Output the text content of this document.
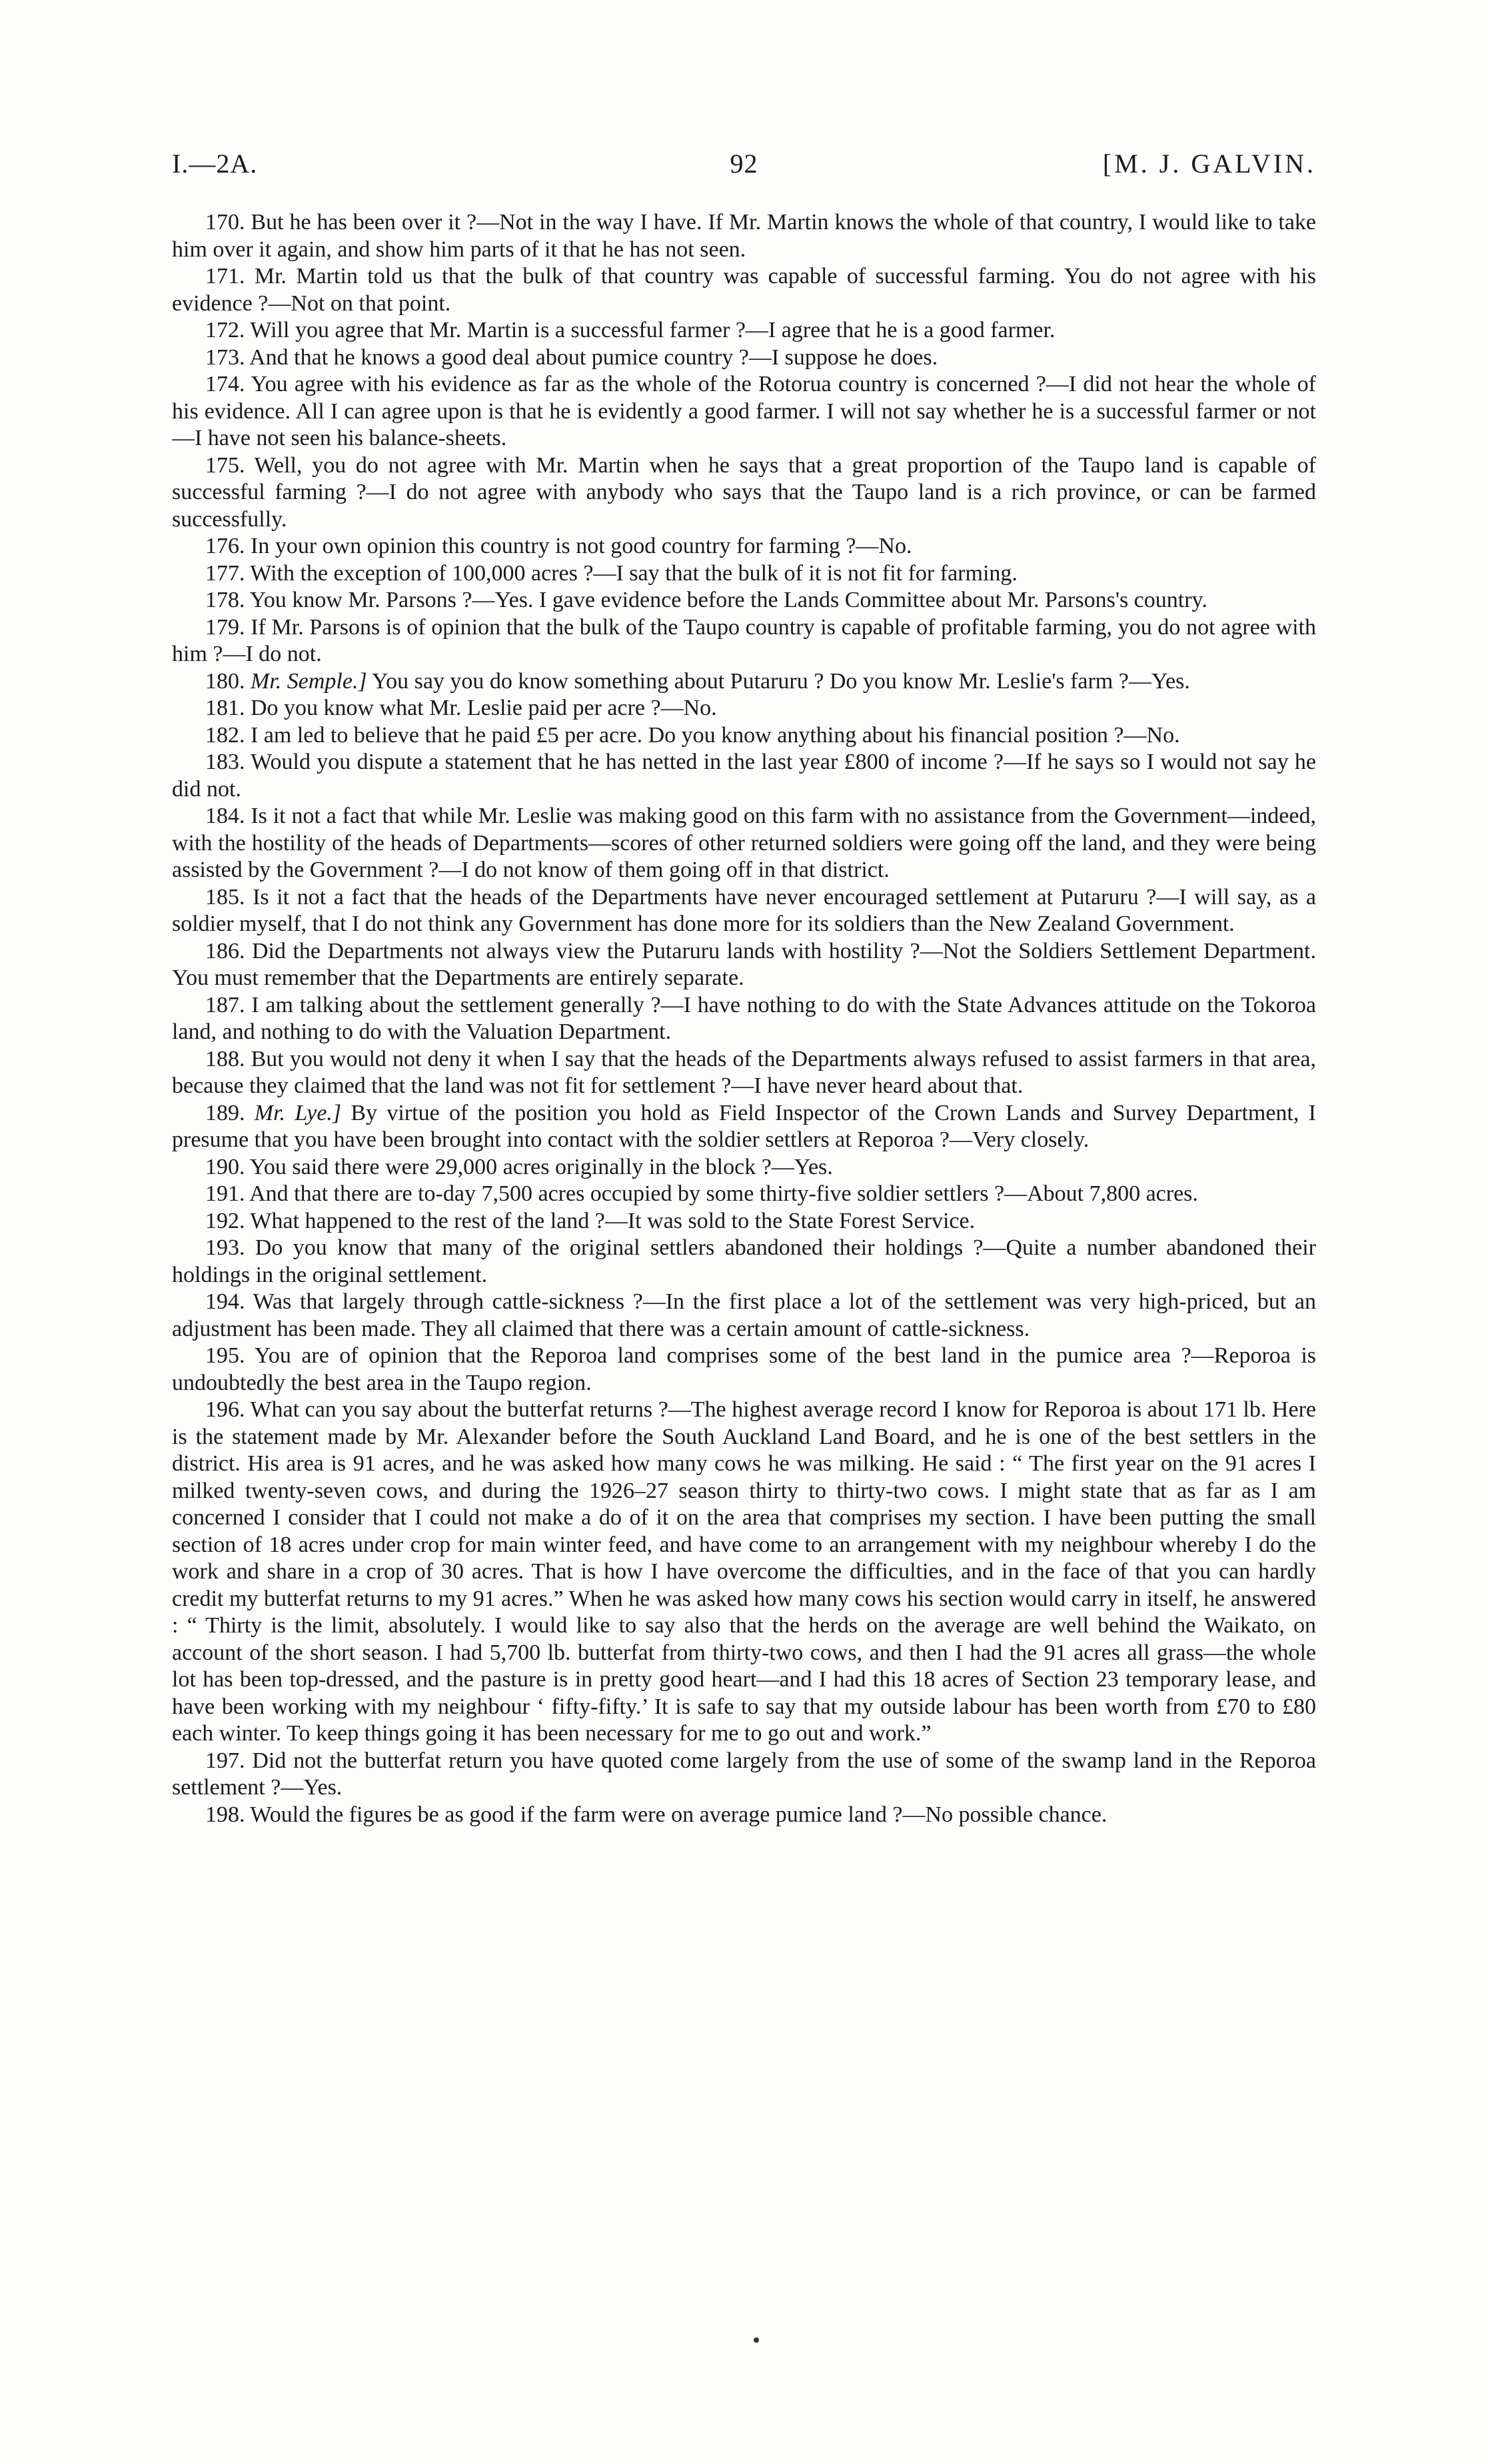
I.—2A.	92	[M. J. GALVIN.

170. But he has been over it ?—Not in the way I have. If Mr. Martin knows the whole of that country, I would like to take him over it again, and show him parts of it that he has not seen.

171. Mr. Martin told us that the bulk of that country was capable of successful farming. You do not agree with his evidence ?—Not on that point.

172. Will you agree that Mr. Martin is a successful farmer ?—I agree that he is a good farmer.

173. And that he knows a good deal about pumice country ?—I suppose he does.

174. You agree with his evidence as far as the whole of the Rotorua country is concerned ?—I did not hear the whole of his evidence. All I can agree upon is that he is evidently a good farmer. I will not say whether he is a successful farmer or not—I have not seen his balance-sheets.

175. Well, you do not agree with Mr. Martin when he says that a great proportion of the Taupo land is capable of successful farming ?—I do not agree with anybody who says that the Taupo land is a rich province, or can be farmed successfully.

176. In your own opinion this country is not good country for farming ?—No.

177. With the exception of 100,000 acres ?—I say that the bulk of it is not fit for farming.

178. You know Mr. Parsons ?—Yes. I gave evidence before the Lands Committee about Mr. Parsons's country.

179. If Mr. Parsons is of opinion that the bulk of the Taupo country is capable of profitable farming, you do not agree with him ?—I do not.

180. Mr. Semple.] You say you do know something about Putaruru ? Do you know Mr. Leslie's farm ?—Yes.

181. Do you know what Mr. Leslie paid per acre ?—No.

182. I am led to believe that he paid £5 per acre. Do you know anything about his financial position ?—No.

183. Would you dispute a statement that he has netted in the last year £800 of income ?—If he says so I would not say he did not.

184. Is it not a fact that while Mr. Leslie was making good on this farm with no assistance from the Government—indeed, with the hostility of the heads of Departments—scores of other returned soldiers were going off the land, and they were being assisted by the Government ?—I do not know of them going off in that district.

185. Is it not a fact that the heads of the Departments have never encouraged settlement at Putaruru ?—I will say, as a soldier myself, that I do not think any Government has done more for its soldiers than the New Zealand Government.

186. Did the Departments not always view the Putaruru lands with hostility ?—Not the Soldiers Settlement Department. You must remember that the Departments are entirely separate.

187. I am talking about the settlement generally ?—I have nothing to do with the State Advances attitude on the Tokoroa land, and nothing to do with the Valuation Department.

188. But you would not deny it when I say that the heads of the Departments always refused to assist farmers in that area, because they claimed that the land was not fit for settlement ?—I have never heard about that.

189. Mr. Lye.] By virtue of the position you hold as Field Inspector of the Crown Lands and Survey Department, I presume that you have been brought into contact with the soldier settlers at Reporoa ?—Very closely.

190. You said there were 29,000 acres originally in the block ?—Yes.

191. And that there are to-day 7,500 acres occupied by some thirty-five soldier settlers ?—About 7,800 acres.

192. What happened to the rest of the land ?—It was sold to the State Forest Service.

193. Do you know that many of the original settlers abandoned their holdings ?—Quite a number abandoned their holdings in the original settlement.

194. Was that largely through cattle-sickness ?—In the first place a lot of the settlement was very high-priced, but an adjustment has been made. They all claimed that there was a certain amount of cattle-sickness.

195. You are of opinion that the Reporoa land comprises some of the best land in the pumice area ?—Reporoa is undoubtedly the best area in the Taupo region.

196. What can you say about the butterfat returns ?—The highest average record I know for Reporoa is about 171 lb. Here is the statement made by Mr. Alexander before the South Auckland Land Board, and he is one of the best settlers in the district. His area is 91 acres, and he was asked how many cows he was milking. He said : “ The first year on the 91 acres I milked twenty-seven cows, and during the 1926–27 season thirty to thirty-two cows. I might state that as far as I am concerned I consider that I could not make a do of it on the area that comprises my section. I have been putting the small section of 18 acres under crop for main winter feed, and have come to an arrangement with my neighbour whereby I do the work and share in a crop of 30 acres. That is how I have overcome the difficulties, and in the face of that you can hardly credit my butterfat returns to my 91 acres.” When he was asked how many cows his section would carry in itself, he answered : “ Thirty is the limit, absolutely. I would like to say also that the herds on the average are well behind the Waikato, on account of the short season. I had 5,700 lb. butterfat from thirty-two cows, and then I had the 91 acres all grass—the whole lot has been top-dressed, and the pasture is in pretty good heart—and I had this 18 acres of Section 23 temporary lease, and have been working with my neighbour ‘ fifty-fifty.’ It is safe to say that my outside labour has been worth from £70 to £80 each winter. To keep things going it has been necessary for me to go out and work.”

197. Did not the butterfat return you have quoted come largely from the use of some of the swamp land in the Reporoa settlement ?—Yes.

198. Would the figures be as good if the farm were on average pumice land ?—No possible chance.
